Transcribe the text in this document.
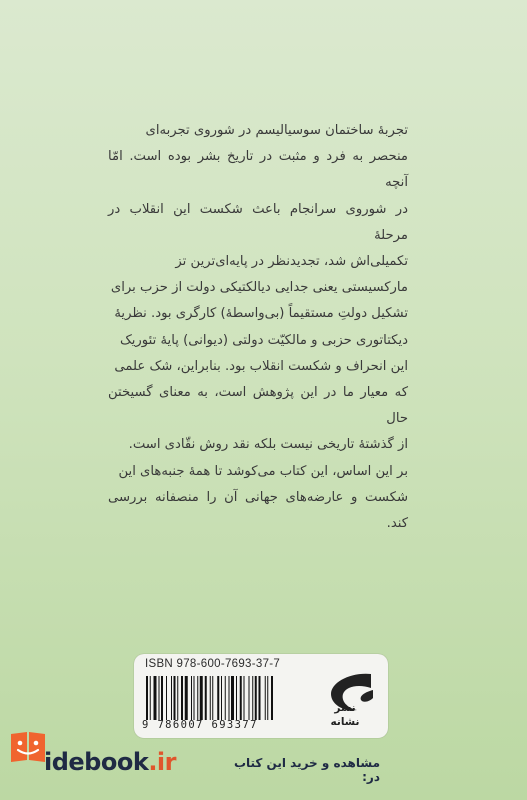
تجربهٔ ساختمان سوسیالیسم در شوروی تجربه‌ای

منحصر به فرد و مثبت در تاریخ بشر بوده است. امّا آنچه

در شوروی سرانجام باعث شکست این انقلاب در مرحلهٔ

تکمیلی‌اش شد، تجدیدنظر در پایه‌ای‌ترین تز

مارکسیستی یعنی جدایی دیالکتیکی دولت از حزب برای

تشکیل دولتِ مستقیماً (بی‌واسطهٔ) کارگری بود. نظریهٔ

دیکتاتوری حزبی و مالکیّت دولتی (دیوانی) پایهٔ تئوریک

این انحراف و شکست انقلاب بود. بنابراین، شک علمی

که معیار ما در این پژوهش است، به معنای گسیختن حال

از گذشتهٔ تاریخی نیست بلکه نقد روش نقّادی است.

بر این اساس، این کتاب می‌کوشد تا همهٔ جنبه‌های این

شکست و عارضه‌های جهانی آن را منصفانه بررسی کند.

ISBN 978-600-7693-37-7
9 786007 693377
نشر
نشانه
idebook.ir	مشاهده و خرید این کتاب در:
